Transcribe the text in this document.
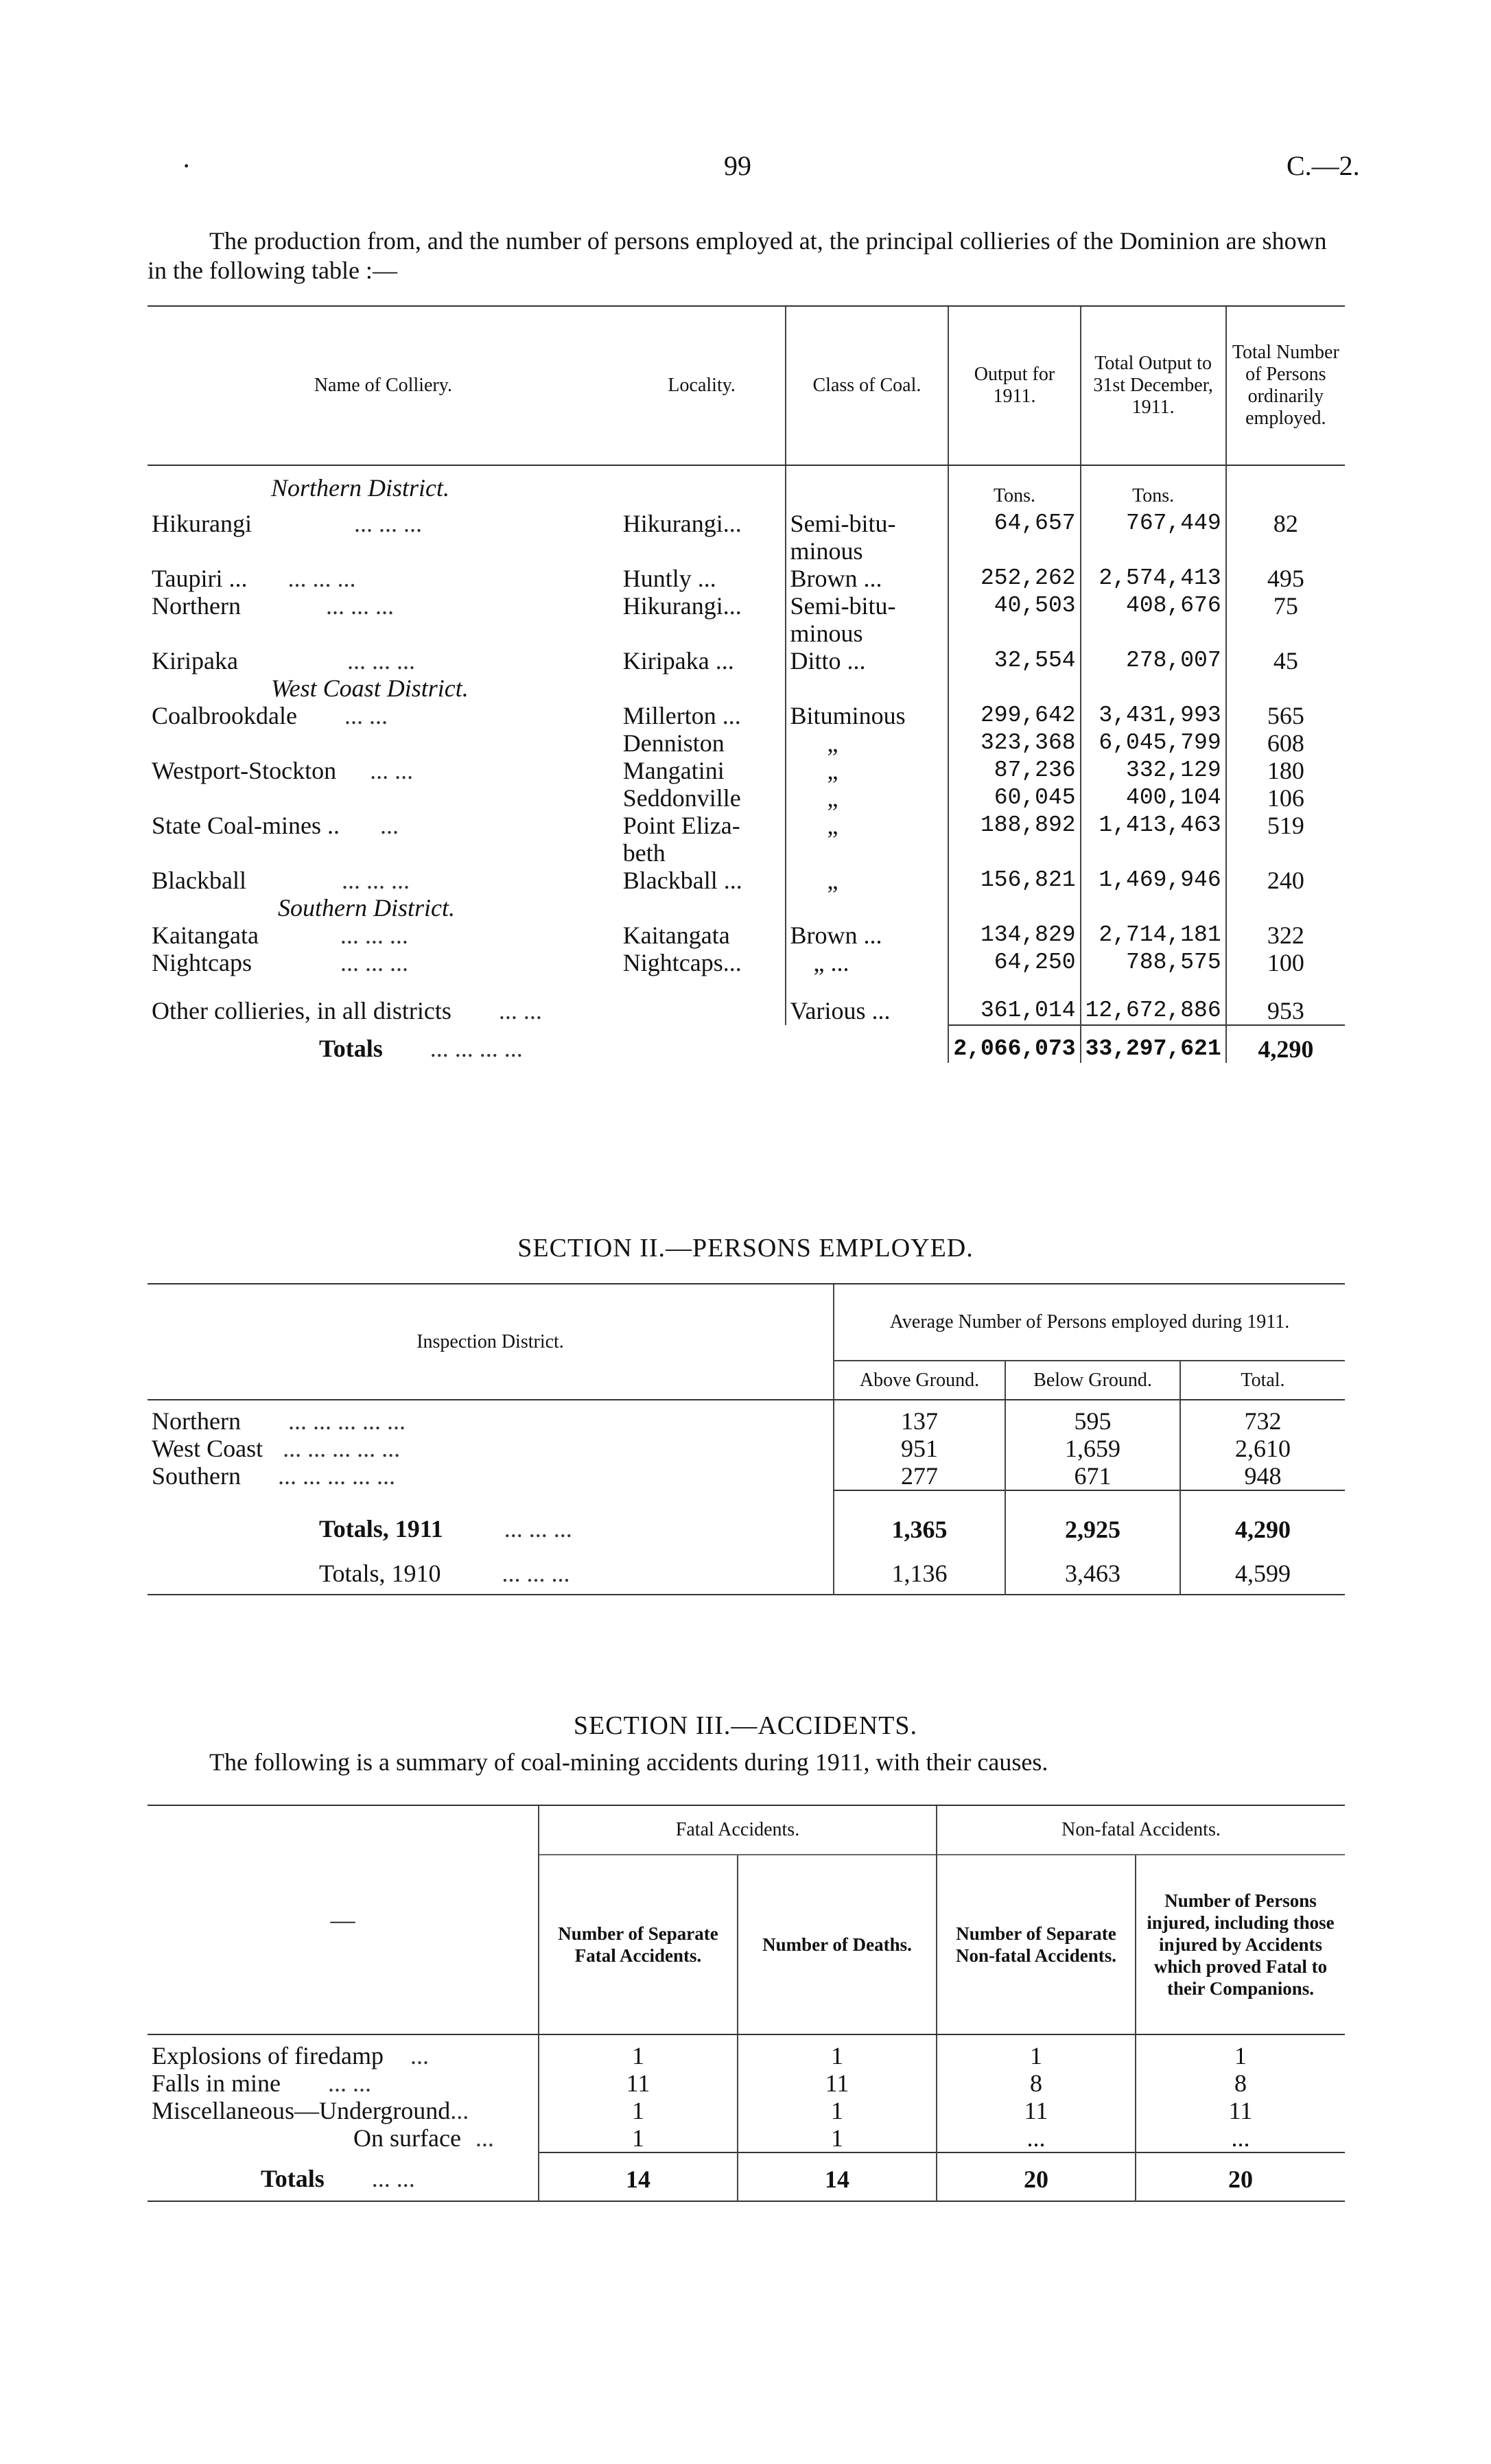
·	99	C.—2.
The production from, and the number of persons employed at, the principal collieries of the Dominion are shown in the following table :—
Name of Colliery.	Locality.	Class of Coal.	Output for 1911.	Total Output to 31st December, 1911.	Total Number of Persons ordinarily employed.
Northern District.			Tons.	Tons.	
Hikurangi ... ... ...	Hikurangi...	Semi-bitu-minous	64,657	767,449	82
Taupiri ... ... ... ...	Huntly ...	Brown ...	252,262	2,574,413	495
Northern ... ... ...	Hikurangi...	Semi-bitu-minous	40,503	408,676	75
Kiripaka ... ... ...	Kiripaka ...	Ditto ...	32,554	278,007	45
West Coast District.					
Coalbrookdale ... ...	Millerton ...	Bituminous	299,642	3,431,993	565
	Denniston	„	323,368	6,045,799	608
Westport-Stockton ... ...	Mangatini	„	87,236	332,129	180
	Seddonville	„	60,045	400,104	106
State Coal-mines .. ...	Point Eliza-beth	„	188,892	1,413,463	519
Blackball ... ... ...	Blackball ...	„	156,821	1,469,946	240
Southern District.					
Kaitangata ... ... ...	Kaitangata	Brown ...	134,829	2,714,181	322
Nightcaps ... ... ...	Nightcaps...	„ ...	64,250	788,575	100
Other collieries, in all districts ... ...		Various ...	361,014	12,672,886	953
Totals ... ... ... ...			2,066,073	33,297,621	4,290
SECTION II.—PERSONS EMPLOYED.
Inspection District.	Average Number of Persons employed during 1911.		
	Above Ground.	Below Ground.	Total.
Northern ... ... ... ... ...	137	595	732
West Coast ... ... ... ... ...	951	1,659	2,610
Southern ... ... ... ... ...	277	671	948
Totals, 1911 ... ... ...	1,365	2,925	4,290
Totals, 1910 ... ... ...	1,136	3,463	4,599
SECTION III.—ACCIDENTS.
The following is a summary of coal-mining accidents during 1911, with their causes.
—	Fatal Accidents.		Non-fatal Accidents.	
	Number of Separate Fatal Accidents.	Number of Deaths.	Number of Separate Non-fatal Accidents.	Number of Persons injured, including those injured by Accidents which proved Fatal to their Companions.
Explosions of firedamp ...	1	1	1	1
Falls in mine ... ...	11	11	8	8
Miscellaneous—Underground...	1	1	11	11
On surface ...	1	1	...	...
Totals ... ...	14	14	20	20
